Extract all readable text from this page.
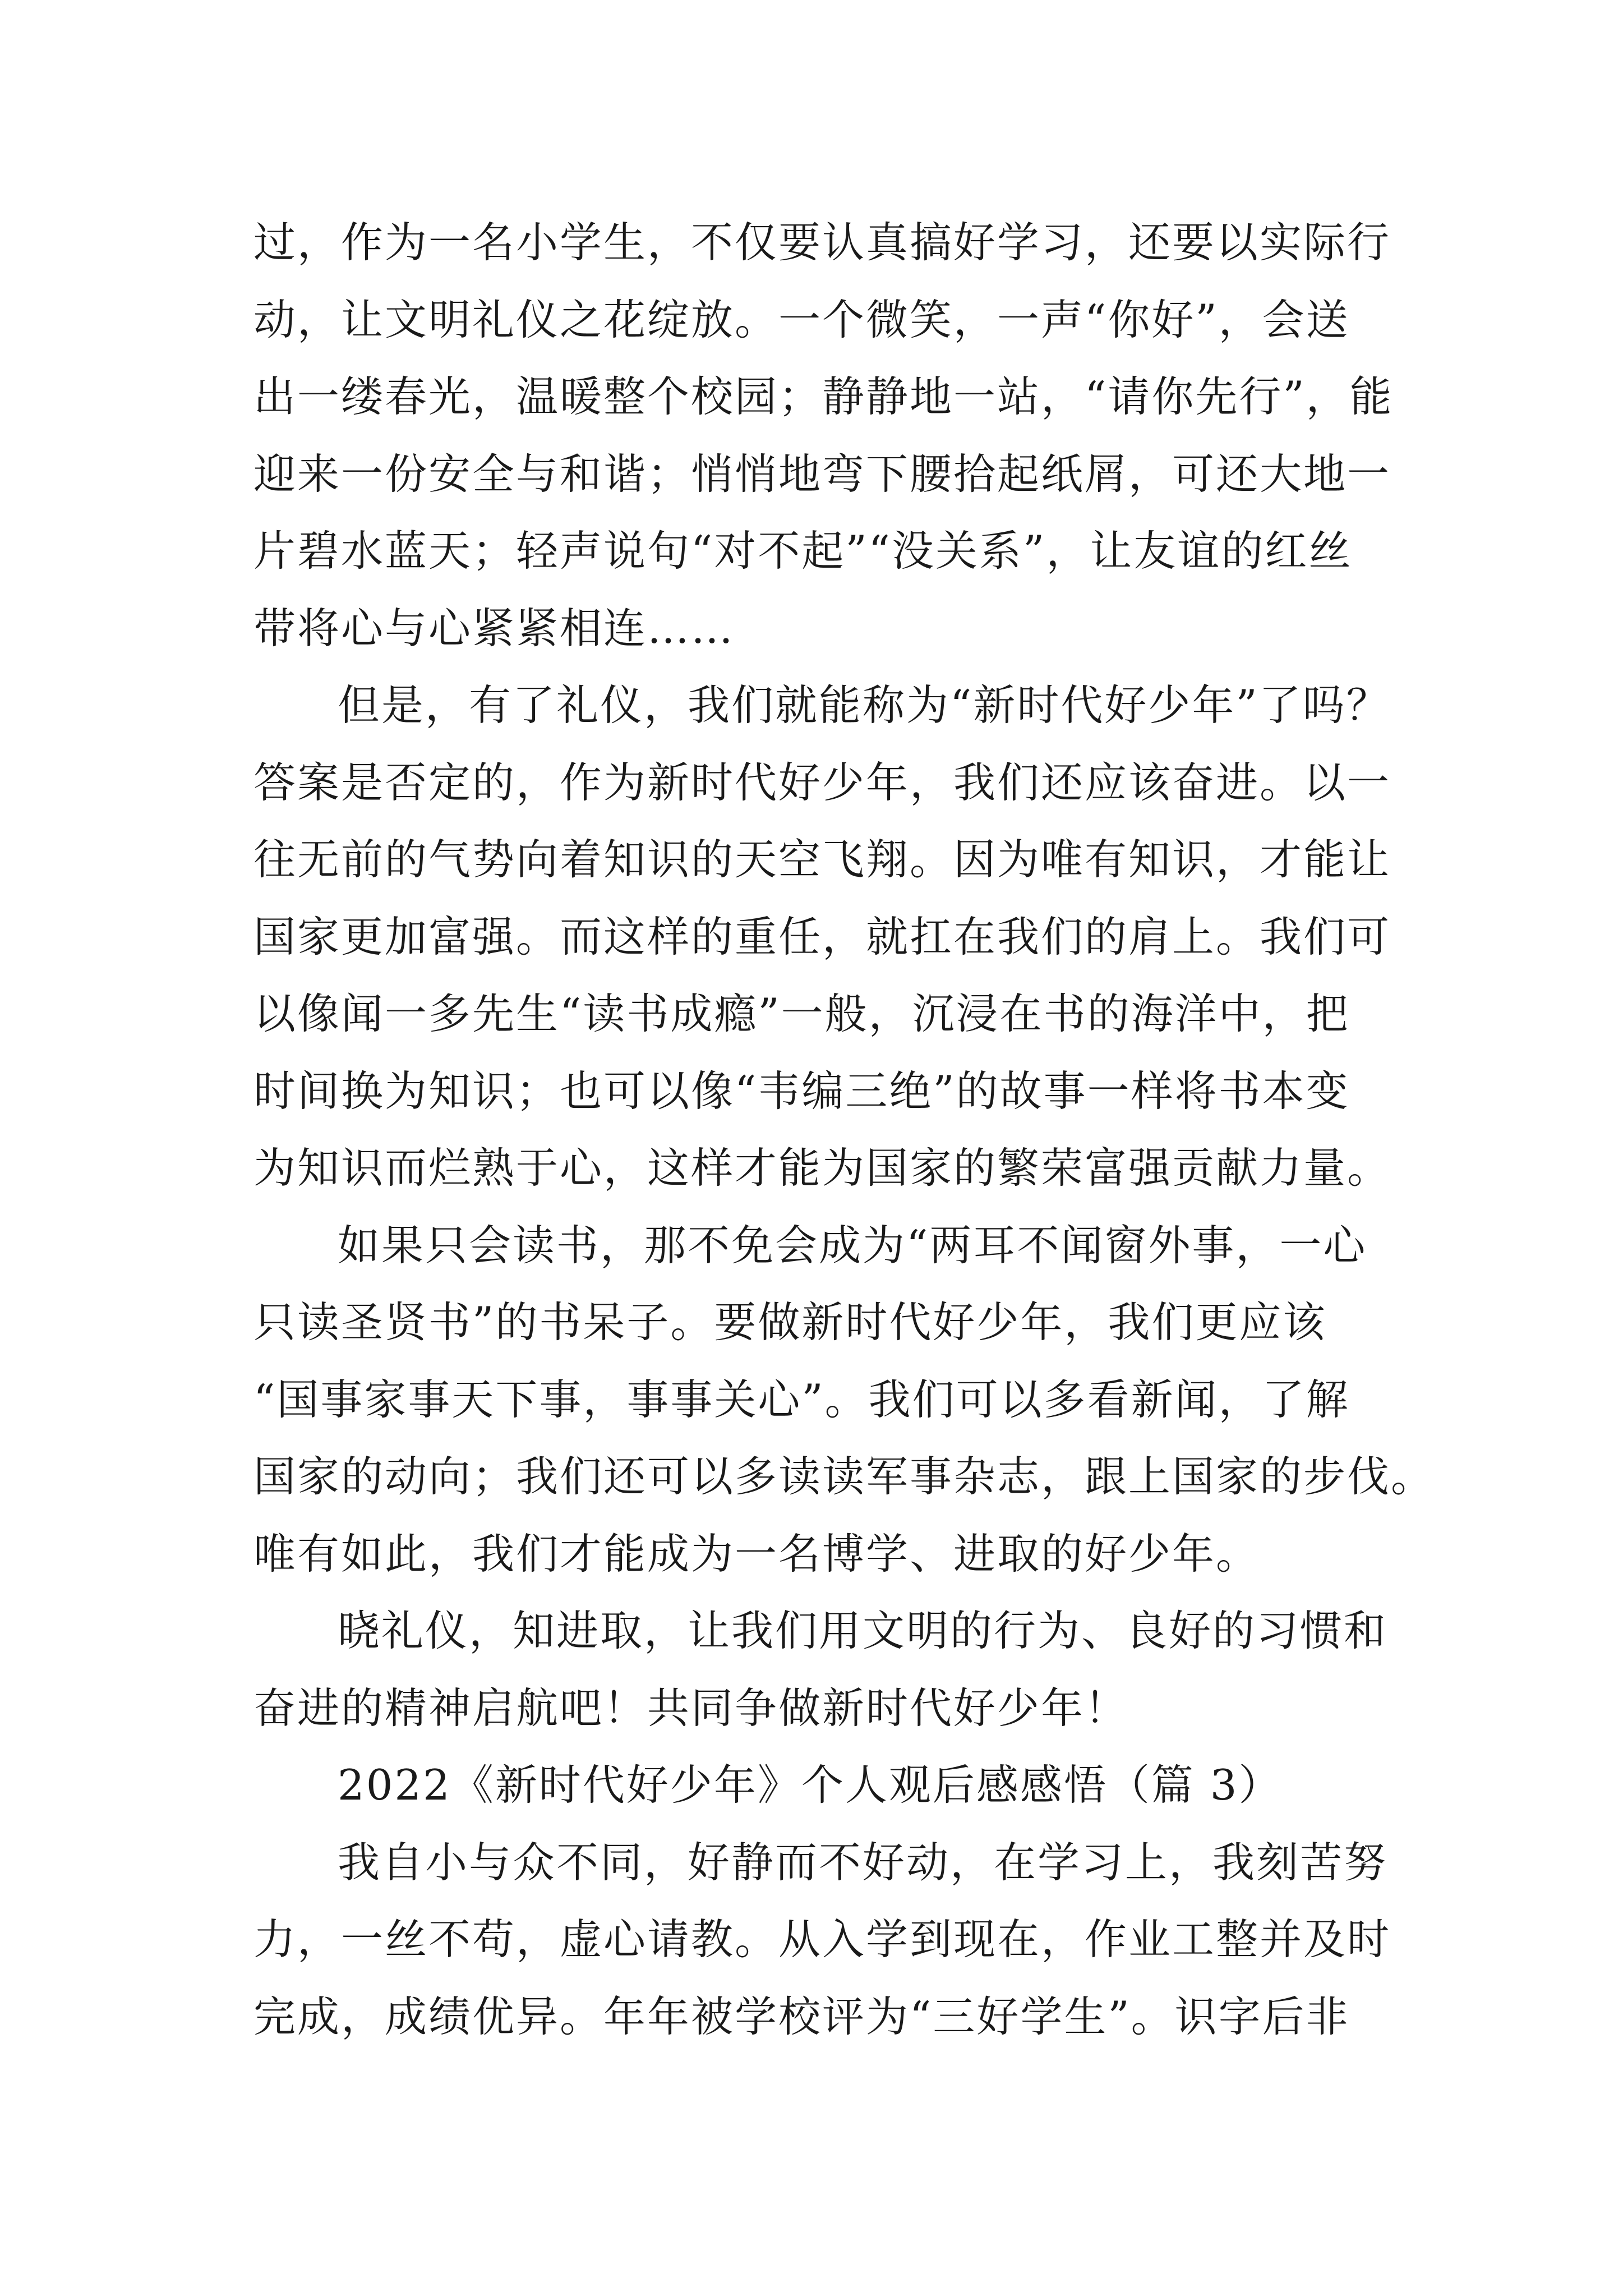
过，作为一名小学生，不仅要认真搞好学习，还要以实际行
动，让文明礼仪之花绽放。一个微笑，一声“你好”，会送
出一缕春光，温暖整个校园；静静地一站，“请你先行”，能
迎来一份安全与和谐；悄悄地弯下腰拾起纸屑，可还大地一
片碧水蓝天；轻声说句“对不起”“没关系”，让友谊的红丝
带将心与心紧紧相连……
但是，有了礼仪，我们就能称为“新时代好少年”了吗？
答案是否定的，作为新时代好少年，我们还应该奋进。以一
往无前的气势向着知识的天空飞翔。因为唯有知识，才能让
国家更加富强。而这样的重任，就扛在我们的肩上。我们可
以像闻一多先生“读书成瘾”一般，沉浸在书的海洋中，把
时间换为知识；也可以像“韦编三绝”的故事一样将书本变
为知识而烂熟于心，这样才能为国家的繁荣富强贡献力量。
如果只会读书，那不免会成为“两耳不闻窗外事，一心
只读圣贤书”的书呆子。要做新时代好少年，我们更应该
“国事家事天下事，事事关心”。我们可以多看新闻，了解
国家的动向；我们还可以多读读军事杂志，跟上国家的步伐。
唯有如此，我们才能成为一名博学、进取的好少年。
晓礼仪，知进取，让我们用文明的行为、良好的习惯和
奋进的精神启航吧！共同争做新时代好少年！
2022《新时代好少年》个人观后感感悟（篇 3）
我自小与众不同，好静而不好动，在学习上，我刻苦努
力，一丝不苟，虚心请教。从入学到现在，作业工整并及时
完成，成绩优异。年年被学校评为“三好学生”。识字后非
